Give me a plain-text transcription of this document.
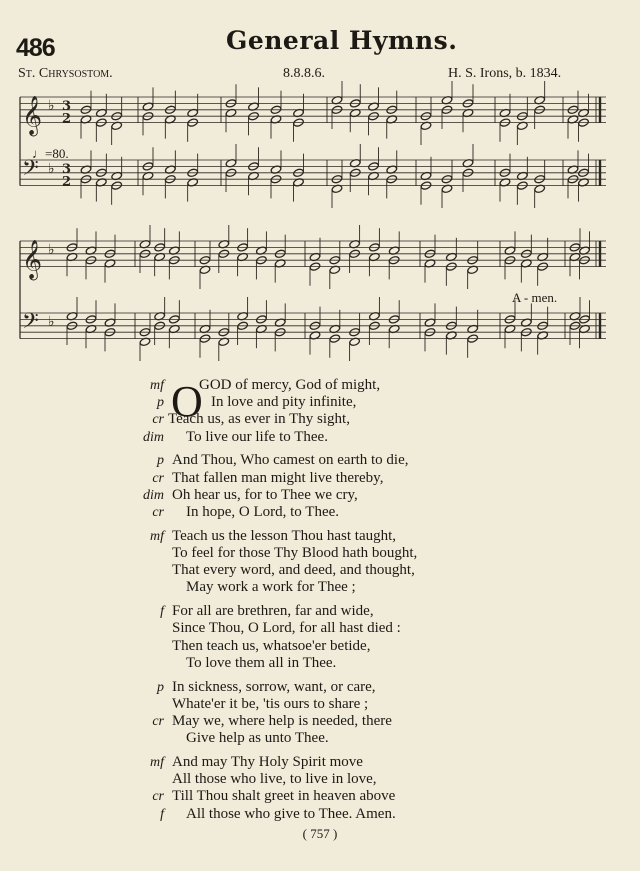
486	General Hymns.
St. Chrysostom.	8.8.8.6.	H. S. Irons, b. 1834.
𝄞 ♭ 3
2
𝄢 ♭ 3
2
𝄞 ♭
𝄢 ♭
♩=80.
A - men.
O
mf GOD of mercy, God of might,
p	In love and pity infinite,
cr Teach us, as ever in Thy sight,
dim To live our life to Thee.
p And Thou, Who camest on earth to die,
cr That fallen man might live thereby,
dim Oh hear us, for to Thee we cry,
cr In hope, O Lord, to Thee.
mf Teach us the lesson Thou hast taught,
To feel for those Thy Blood hath bought,
That every word, and deed, and thought,
May work a work for Thee ;
f For all are brethren, far and wide,
Since Thou, O Lord, for all hast died :
Then teach us, whatsoe'er betide,
To love them all in Thee.
p In sickness, sorrow, want, or care,
Whate'er it be, 'tis ours to share ;
cr May we, where help is needed, there
Give help as unto Thee.
mf And may Thy Holy Spirit move
All those who live, to live in love,
cr Till Thou shalt greet in heaven above
f All those who give to Thee. Amen.
( 757 )
